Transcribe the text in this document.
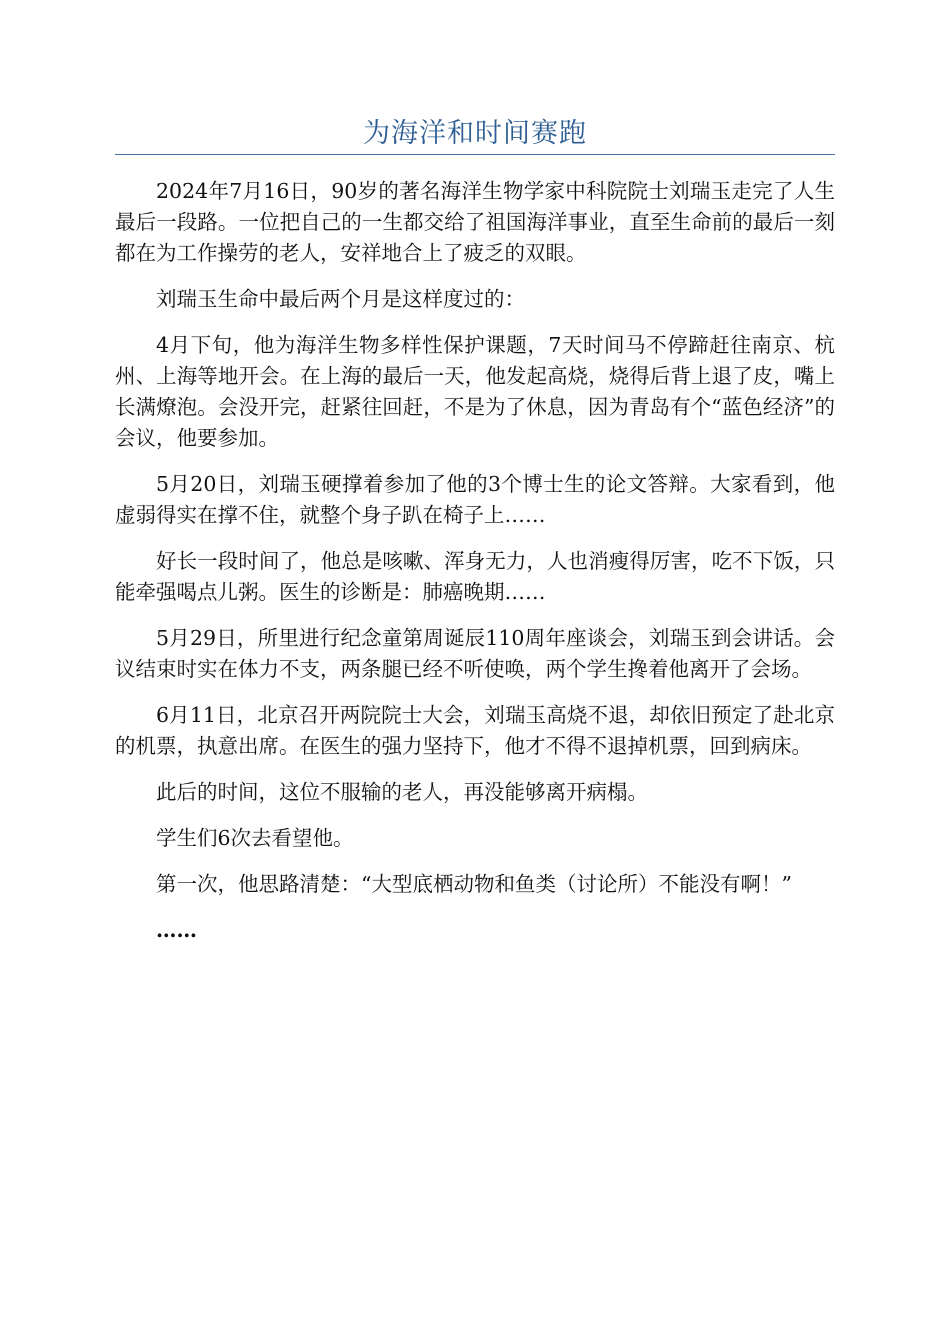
为海洋和时间赛跑

2024年7月16日，90岁的著名海洋生物学家中科院院士刘瑞玉走完了人生最后一段路。一位把自己的一生都交给了祖国海洋事业，直至生命前的最后一刻都在为工作操劳的老人，安祥地合上了疲乏的双眼。

刘瑞玉生命中最后两个月是这样度过的：

4月下旬，他为海洋生物多样性保护课题，7天时间马不停蹄赶往南京、杭州、上海等地开会。在上海的最后一天，他发起高烧，烧得后背上退了皮，嘴上长满燎泡。会没开完，赶紧往回赶，不是为了休息，因为青岛有个“蓝色经济”的会议，他要参加。

5月20日，刘瑞玉硬撑着参加了他的3个博士生的论文答辩。大家看到，他虚弱得实在撑不住，就整个身子趴在椅子上……

好长一段时间了，他总是咳嗽、浑身无力，人也消瘦得厉害，吃不下饭，只能牵强喝点儿粥。医生的诊断是：肺癌晚期……

5月29日，所里进行纪念童第周诞辰110周年座谈会，刘瑞玉到会讲话。会议结束时实在体力不支，两条腿已经不听使唤，两个学生搀着他离开了会场。

6月11日，北京召开两院院士大会，刘瑞玉高烧不退，却依旧预定了赴北京的机票，执意出席。在医生的强力坚持下，他才不得不退掉机票，回到病床。

此后的时间，这位不服输的老人，再没能够离开病榻。

学生们6次去看望他。

第一次，他思路清楚：“大型底栖动物和鱼类（讨论所）不能没有啊！”

……
